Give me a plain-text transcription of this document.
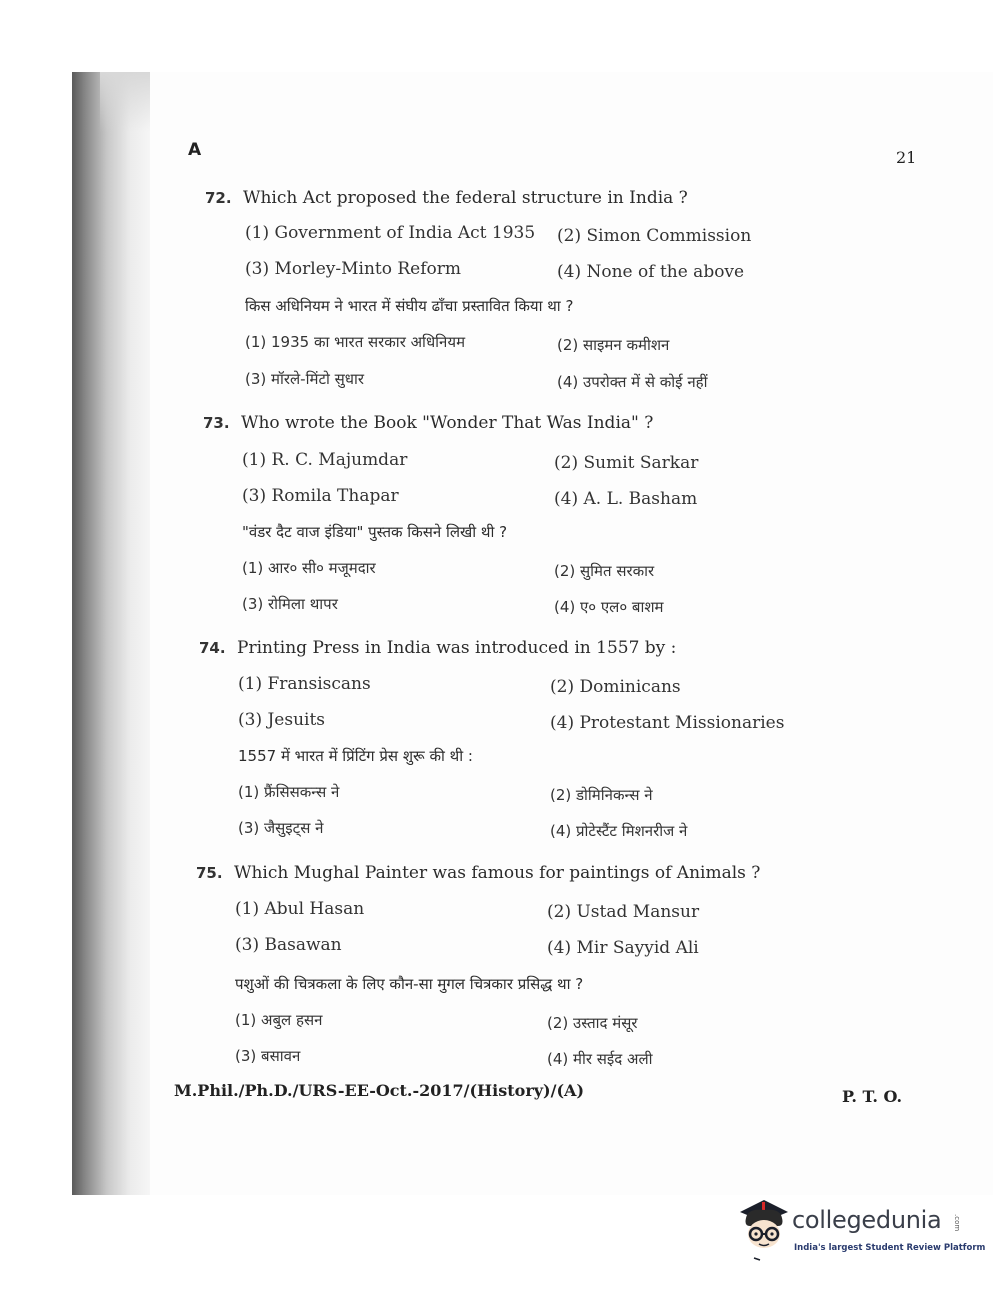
A	21
72. Which Act proposed the federal structure in India ?
(1) Government of India Act 1935 (2) Simon Commission
(3) Morley-Minto Reform	(4) None of the above
किस अधिनियम ने भारत में संघीय ढाँचा प्रस्तावित किया था ?
(1) 1935 का भारत सरकार अधिनियम	(2) साइमन कमीशन
(3) मॉरले-मिंटो सुधार	(4) उपरोक्त में से कोई नहीं
73. Who wrote the Book "Wonder That Was India" ?
(1) R. C. Majumdar	(2) Sumit Sarkar
(3) Romila Thapar	(4) A. L. Basham
"वंडर दैट वाज इंडिया" पुस्तक किसने लिखी थी ?
(1) आर० सी० मजूमदार	(2) सुमित सरकार
(3) रोमिला थापर	(4) ए० एल० बाशम
74. Printing Press in India was introduced in 1557 by :
(1) Fransiscans	(2) Dominicans
(3) Jesuits	(4) Protestant Missionaries
1557 में भारत में प्रिंटिंग प्रेस शुरू की थी :
(1) फ्रैंसिसकन्स ने	(2) डोमिनिकन्स ने
(3) जैसुइट्स ने	(4) प्रोटेस्टैंट मिशनरीज ने
75. Which Mughal Painter was famous for paintings of Animals ?
(1) Abul Hasan	(2) Ustad Mansur
(3) Basawan	(4) Mir Sayyid Ali
पशुओं की चित्रकला के लिए कौन-सा मुगल चित्रकार प्रसिद्ध था ?
(1) अबुल हसन	(2) उस्ताद मंसूर
(3) बसावन	(4) मीर सईद अली
M.Phil./Ph.D./URS-EE-Oct.-2017/(History)/(A)	P. T. O.
collegedunia .com
India's largest Student Review Platform
